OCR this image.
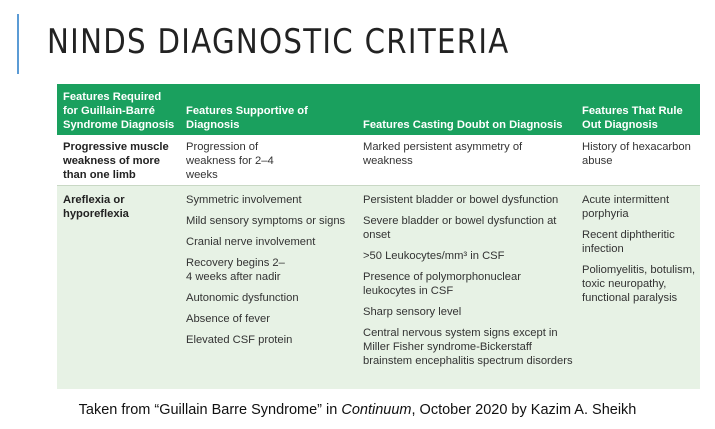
NINDS DIAGNOSTIC CRITERIA
Features Required for Guillain-Barré Syndrome Diagnosis
Features Supportive of Diagnosis	Features Casting Doubt on Diagnosis
Features That Rule Out Diagnosis
Progressive muscle weakness of more than one limb
Progression of weakness for 2–4 weeks
Marked persistent asymmetry of weakness
History of hexacarbon abuse
Areflexia or hyporeflexia
Symmetric involvement
Mild sensory symptoms or signs
Cranial nerve involvement
Recovery begins 2–4 weeks after nadir
Autonomic dysfunction
Absence of fever
Elevated CSF protein
Persistent bladder or bowel dysfunction
Severe bladder or bowel dysfunction at onset
>50 Leukocytes/mm³ in CSF
Presence of polymorphonuclear leukocytes in CSF
Sharp sensory level
Central nervous system signs except in Miller Fisher syndrome-Bickerstaff brainstem encephalitis spectrum disorders
Acute intermittent porphyria
Recent diphtheritic infection
Poliomyelitis, botulism, toxic neuropathy, functional paralysis
Taken from “Guillain Barre Syndrome” in Continuum, October 2020 by Kazim A. Sheikh
